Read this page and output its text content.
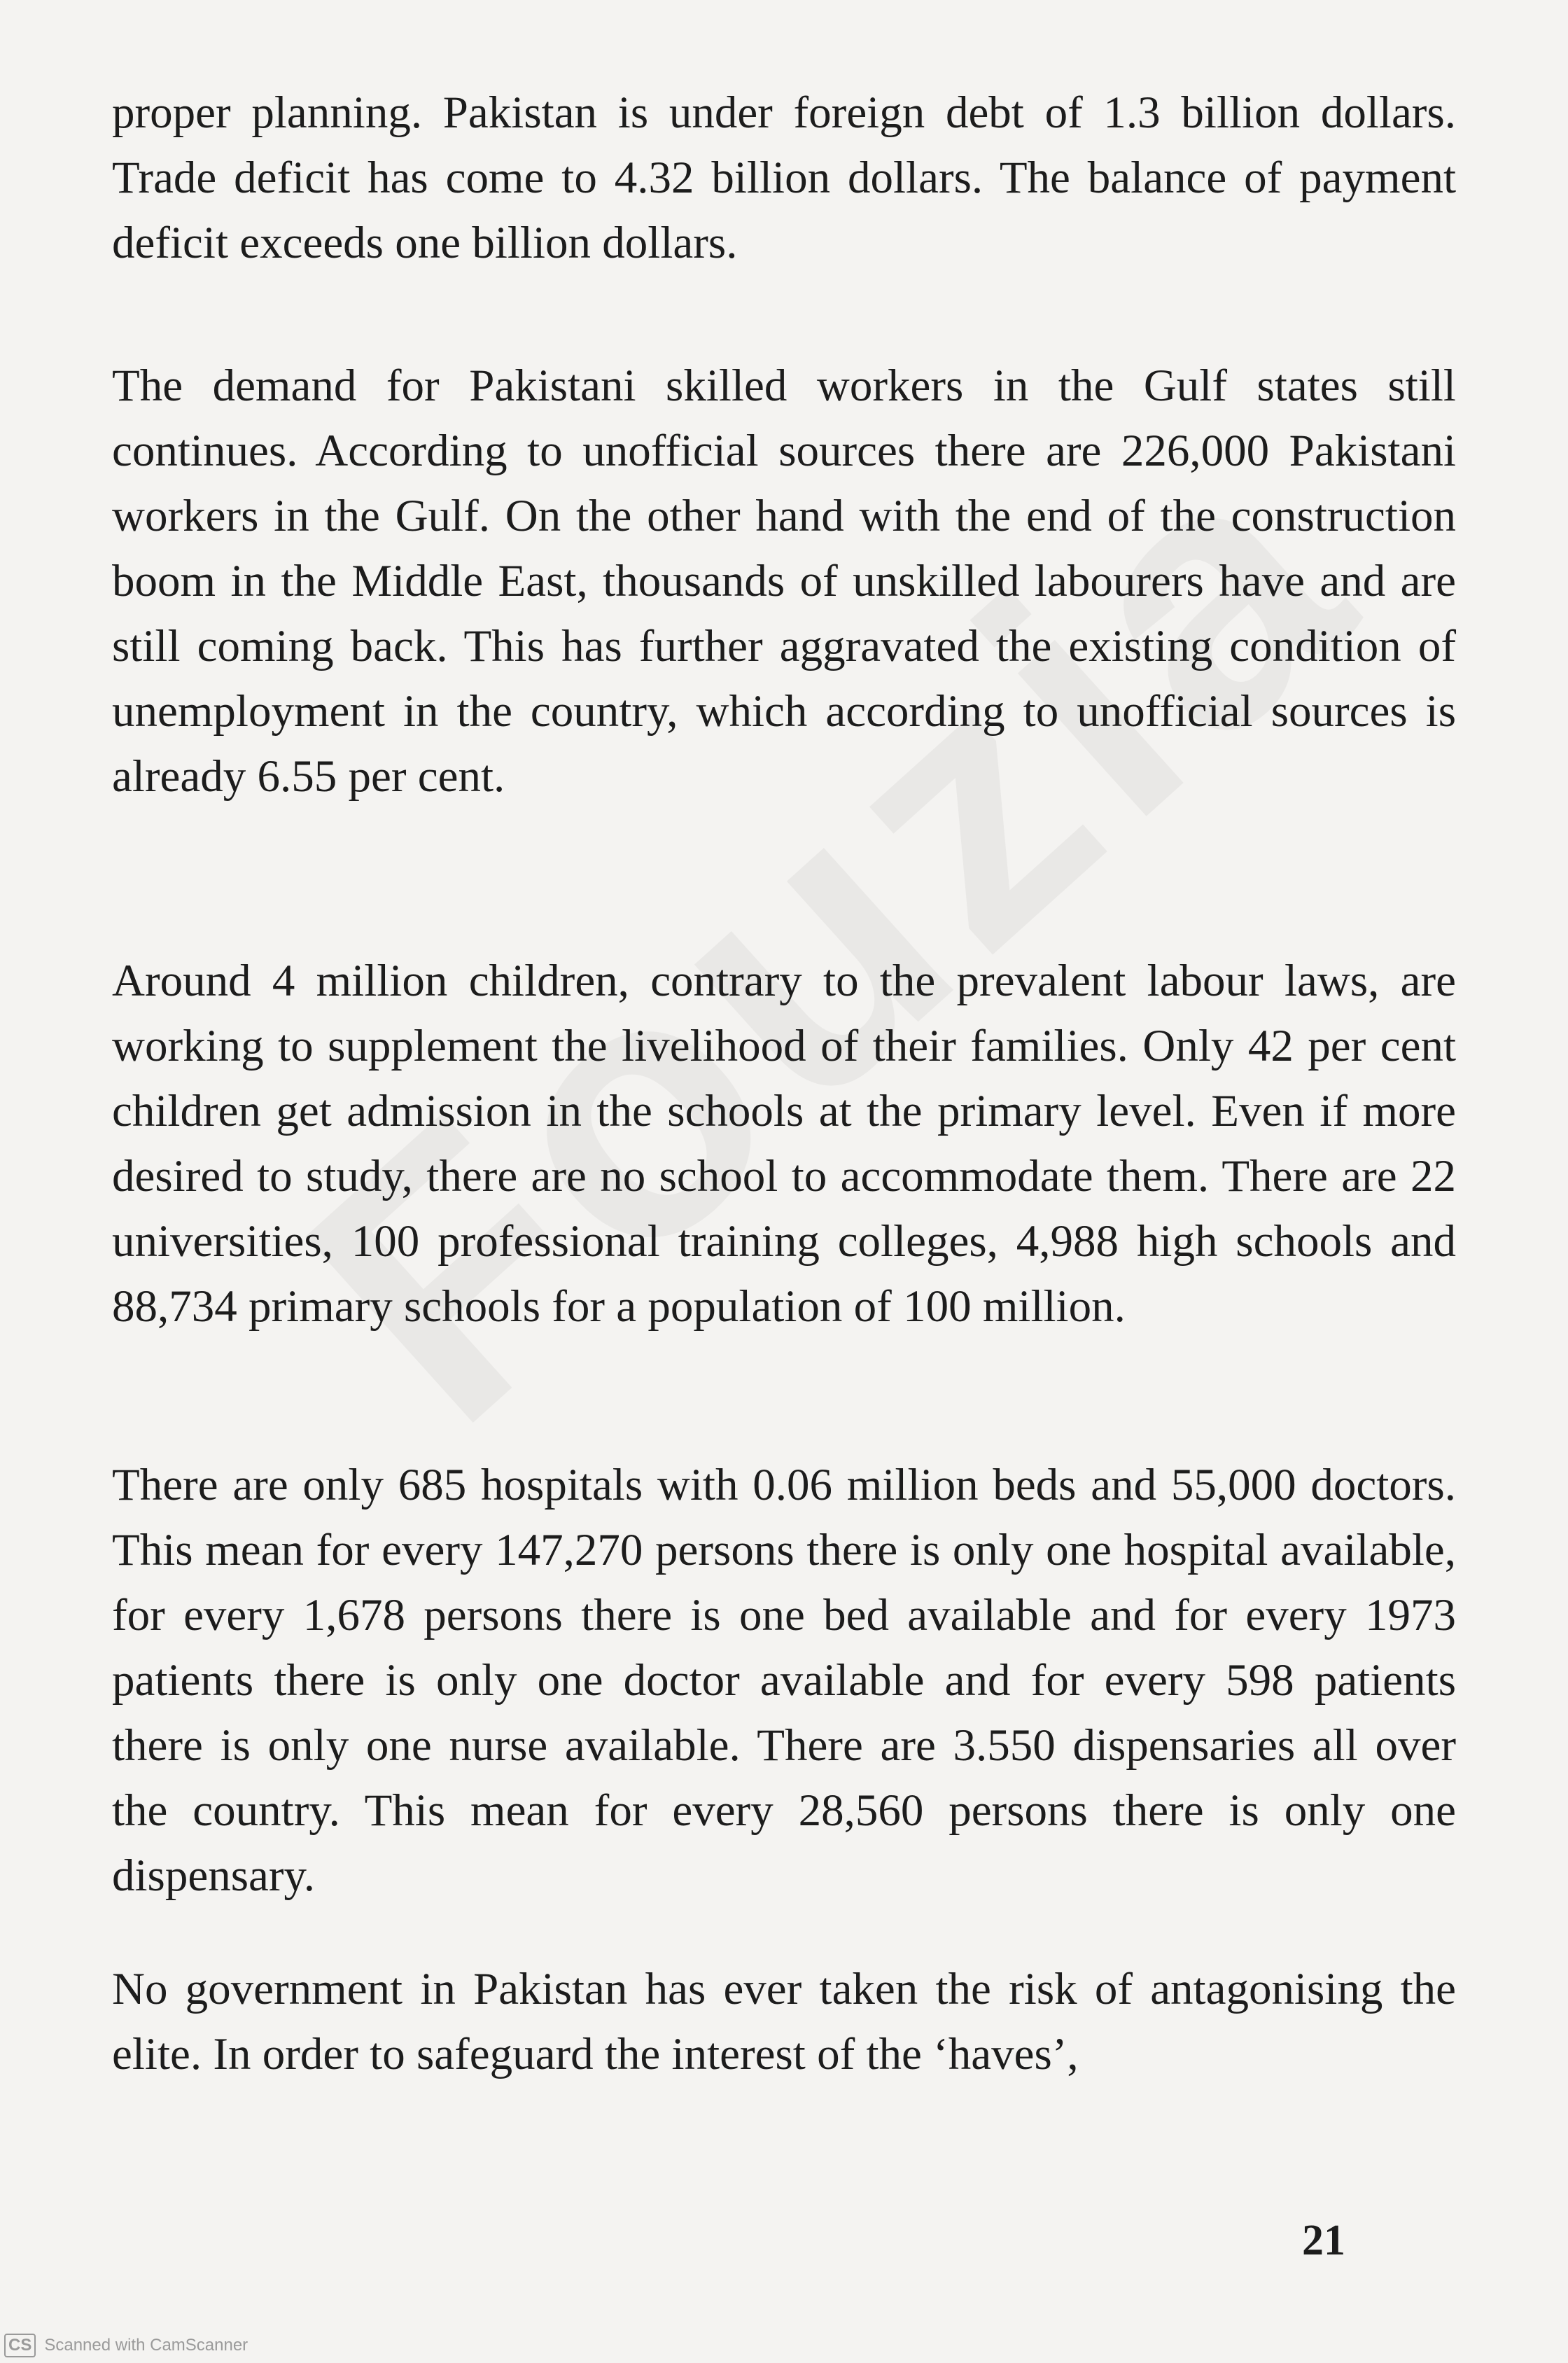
proper planning. Pakistan is under foreign debt of 1.3 billion dollars. Trade deficit has come to 4.32 billion dollars. The balance of payment deficit exceeds one billion dollars.

The demand for Pakistani skilled workers in the Gulf states still continues. According to unofficial sources there are 226,000 Pakistani workers in the Gulf. On the other hand with the end of the construction boom in the Middle East, thousands of unskilled labourers have and are still coming back. This has further aggravated the existing condition of unemployment in the country, which according to unofficial sources is already 6.55 per cent.

Around 4 million children, contrary to the prevalent labour laws, are working to supplement the livelihood of their families. Only 42 per cent children get admission in the schools at the primary level. Even if more desired to study, there are no school to accommodate them. There are 22 universities, 100 professional training colleges, 4,988 high schools and 88,734 primary schools for a population of 100 million.

There are only 685 hospitals with 0.06 million beds and 55,000 doctors. This mean for every 147,270 persons there is only one hospital available, for every 1,678 persons there is one bed available and for every 1973 patients there is only one doctor available and for every 598 patients there is only one nurse available. There are 3.550 dispensaries all over the country. This mean for every 28,560 persons there is only one dispensary.

No government in Pakistan has ever taken the risk of antagonising the elite. In order to safeguard the interest of the ‘haves’,

21
CS Scanned with CamScanner
